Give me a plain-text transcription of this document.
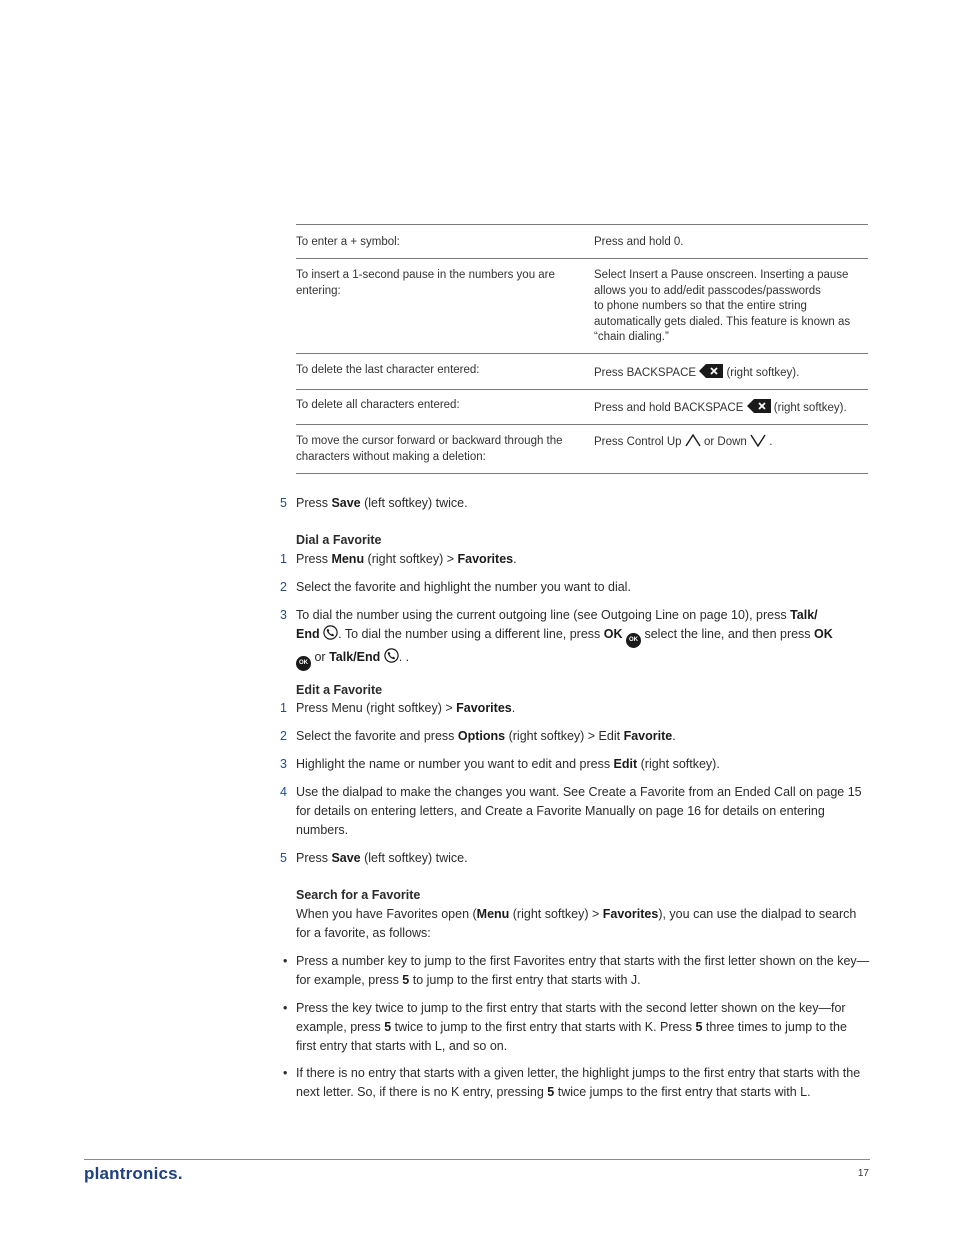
To enter a + symbol:	Press and hold 0.
To insert a 1-second pause in the numbers you are entering:	Select Insert a Pause onscreen. Inserting a pause
allows you to add/edit passcodes/passwords
to phone numbers so that the entire string
automatically gets dialed. This feature is known as
“chain dialing.”
To delete the last character entered:	Press BACKSPACE (right softkey).
To delete all characters entered:	Press and hold BACKSPACE (right softkey).
To move the cursor forward or backward through the characters without making a deletion:	Press Control Up or Down .
5 Press Save (left softkey) twice.
Dial a Favorite
1 Press Menu (right softkey) > Favorites.
2 Select the favorite and highlight the number you want to dial.
3 To dial the number using the current outgoing line (see Outgoing Line on page 10), press Talk/
End . To dial the number using a different line, press OK OK select the line, and then press OK
OK or Talk/End . .
Edit a Favorite
1 Press Menu (right softkey) > Favorites.
2 Select the favorite and press Options (right softkey) > Edit Favorite.
3 Highlight the name or number you want to edit and press Edit (right softkey).
4 Use the dialpad to make the changes you want. See Create a Favorite from an Ended Call on page 15 for details on entering letters, and Create a Favorite Manually on page 16 for details on entering numbers.
5 Press Save (left softkey) twice.
Search for a Favorite
When you have Favorites open (Menu (right softkey) > Favorites), you can use the dialpad to search for a favorite, as follows:
• Press a number key to jump to the first Favorites entry that starts with the first letter shown on the key—for example, press 5 to jump to the first entry that starts with J.
• Press the key twice to jump to the first entry that starts with the second letter shown on the key—for example, press 5 twice to jump to the first entry that starts with K. Press 5 three times to jump to the first entry that starts with L, and so on.
• If there is no entry that starts with a given letter, the highlight jumps to the first entry that starts with the next letter. So, if there is no K entry, pressing 5 twice jumps to the first entry that starts with L.
plantronics.	17
